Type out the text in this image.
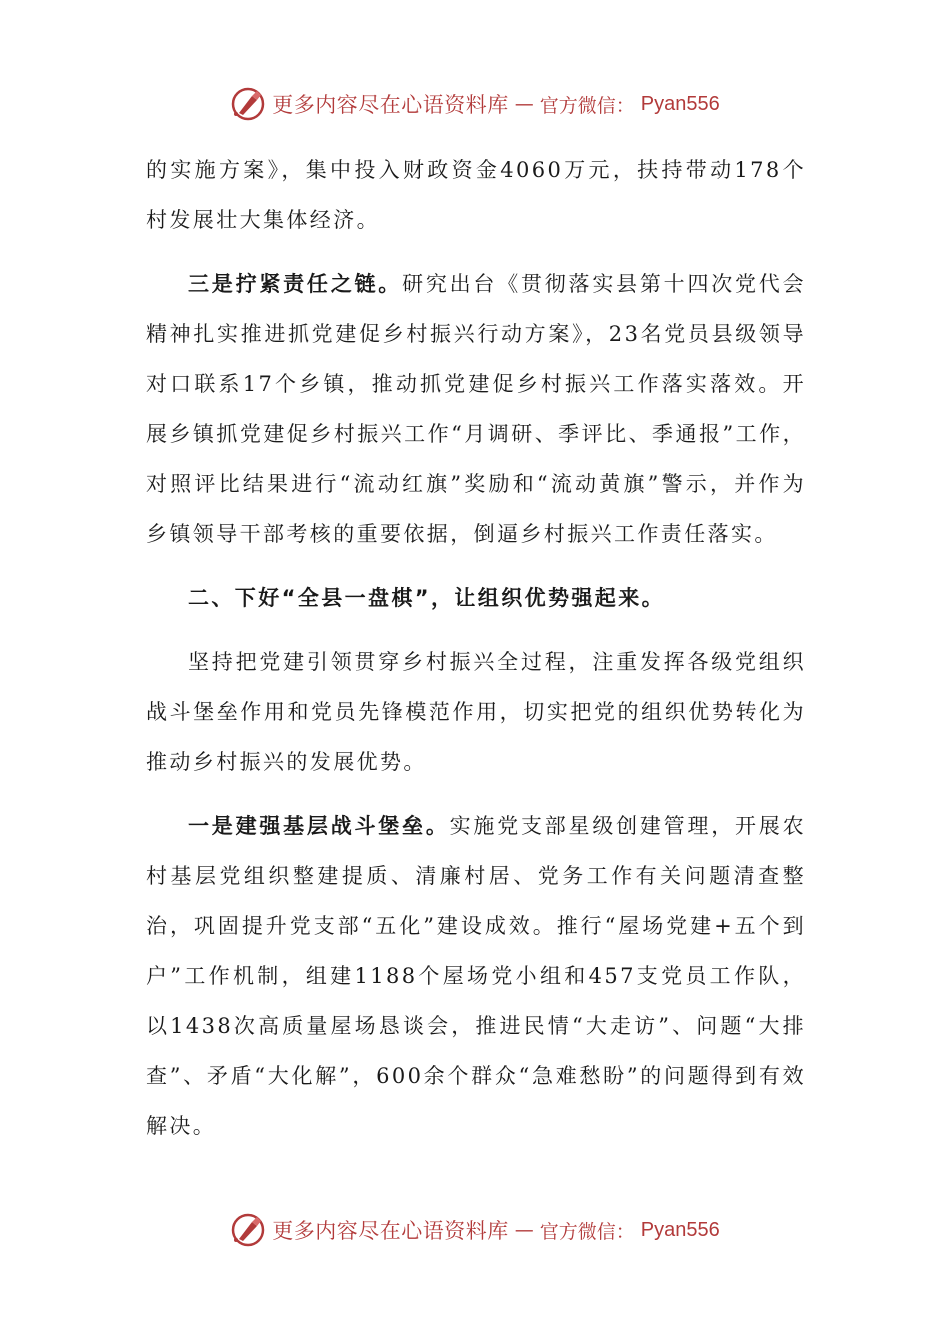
更多内容尽在心语资料库 — 官方微信： Pyan556

的实施方案》，集中投入财政资金4060万元，扶持带动178个村发展壮大集体经济。

三是拧紧责任之链。研究出台《贯彻落实县第十四次党代会精神扎实推进抓党建促乡村振兴行动方案》，23名党员县级领导对口联系17个乡镇，推动抓党建促乡村振兴工作落实落效。开展乡镇抓党建促乡村振兴工作“月调研、季评比、季通报”工作，对照评比结果进行“流动红旗”奖励和“流动黄旗”警示，并作为乡镇领导干部考核的重要依据，倒逼乡村振兴工作责任落实。

二、下好“全县一盘棋”，让组织优势强起来。

坚持把党建引领贯穿乡村振兴全过程，注重发挥各级党组织战斗堡垒作用和党员先锋模范作用，切实把党的组织优势转化为推动乡村振兴的发展优势。

一是建强基层战斗堡垒。实施党支部星级创建管理，开展农村基层党组织整建提质、清廉村居、党务工作有关问题清查整治，巩固提升党支部“五化”建设成效。推行“屋场党建+五个到户”工作机制，组建1188个屋场党小组和457支党员工作队，以1438次高质量屋场恳谈会，推进民情“大走访”、问题“大排查”、矛盾“大化解”，600余个群众“急难愁盼”的问题得到有效解决。

更多内容尽在心语资料库 — 官方微信： Pyan556
